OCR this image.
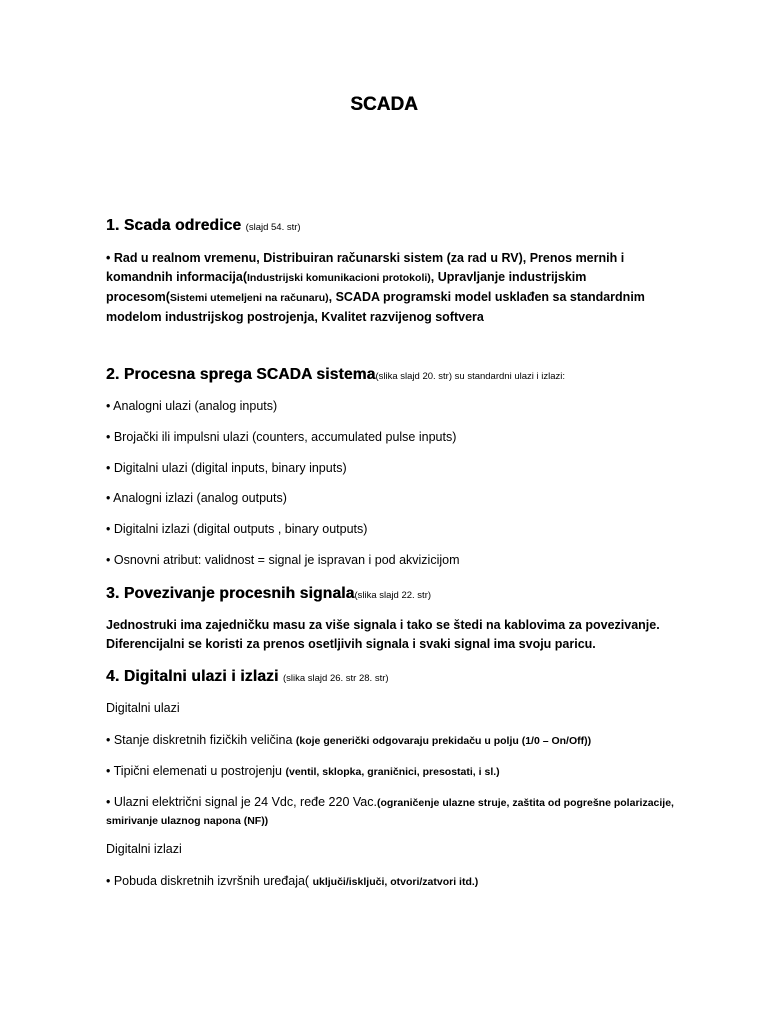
SCADA
1. Scada odredice (slajd 54. str)
• Rad u realnom vremenu, Distribuiran računarski sistem (za rad u RV), Prenos mernih i komandnih informacija(Industrijski komunikacioni protokoli), Upravljanje industrijskim procesom(Sistemi utemeljeni na računaru), SCADA programski model usklađen sa standardnim modelom industrijskog postrojenja, Kvalitet razvijenog softvera
2. Procesna sprega SCADA sistema(slika slajd 20. str) su standardni ulazi i izlazi:
• Analogni ulazi (analog inputs)
• Brojački ili impulsni ulazi (counters, accumulated pulse inputs)
• Digitalni ulazi (digital inputs, binary inputs)
• Analogni izlazi (analog outputs)
• Digitalni izlazi (digital outputs , binary outputs)
• Osnovni atribut: validnost = signal je ispravan i pod akvizicijom
3. Povezivanje procesnih signala(slika slajd 22. str)
Jednostruki ima zajedničku masu za više signala i tako se štedi na kablovima za povezivanje. Diferencijalni se koristi za prenos osetljivih signala i svaki signal ima svoju paricu.
4. Digitalni ulazi i izlazi (slika slajd 26. str 28. str)
Digitalni ulazi
• Stanje diskretnih fizičkih veličina (koje generički odgovaraju prekidaču u polju (1/0 – On/Off))
• Tipični elemenati u postrojenju (ventil, sklopka, graničnici, presostati, i sl.)
• Ulazni električni signal je 24 Vdc, ređe 220 Vac.(ograničenje ulazne struje, zaštita od pogrešne polarizacije, smirivanje ulaznog napona (NF))
Digitalni izlazi
• Pobuda diskretnih izvršnih uređaja( uključi/isključi, otvori/zatvori itd.)
